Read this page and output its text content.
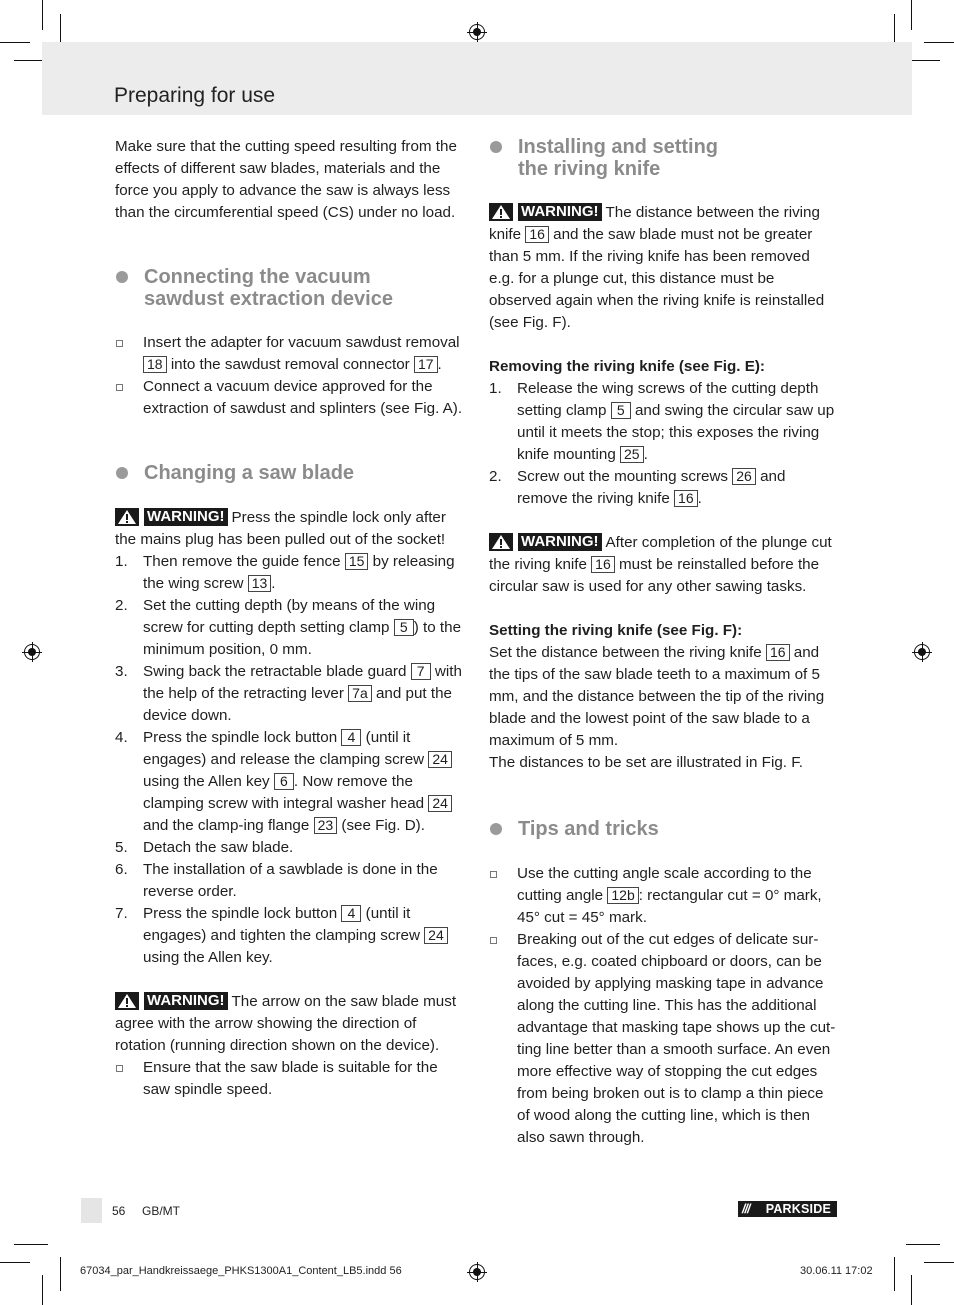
Preparing for use

Make sure that the cutting speed resulting from the effects of different saw blades, materials and the force you apply to advance the saw is always less than the circumferential speed (CS) under no load.

Connecting the vacuum
sawdust extraction device
Insert the adapter for vacuum sawdust removal 18 into the sawdust removal connector 17 .
Connect a vacuum device approved for the extraction of sawdust and splinters (see Fig. A).
Changing a saw blade

WARNING! Press the spindle lock only after the mains plug has been pulled out of the socket!

1. Then remove the guide fence 15 by releasing the wing screw 13 .
2. Set the cutting depth (by means of the wing screw for cutting depth setting clamp 5 ) to the minimum position, 0 mm.
3. Swing back the retractable blade guard 7 with the help of the retracting lever 7a and put the device down.
4. Press the spindle lock button 4 (until it engages) and release the clamping screw 24 using the Allen key 6 . Now remove the clamping screw with integral washer head 24 and the clamp-ing flange 23 (see Fig. D).
5. Detach the saw blade.
6. The installation of a sawblade is done in the reverse order.
7. Press the spindle lock button 4 (until it engages) and tighten the clamping screw 24 using the Allen key.

WARNING! The arrow on the saw blade must agree with the arrow showing the direction of rotation (running direction shown on the device).

Ensure that the saw blade is suitable for the saw spindle speed.
Installing and setting
the riving knife

WARNING! The distance between the riving knife 16 and the saw blade must not be greater than 5 mm. If the riving knife has been removed e.g. for a plunge cut, this distance must be observed again when the riving knife is reinstalled (see Fig. F).

Removing the riving knife (see Fig. E):

1. Release the wing screws of the cutting depth setting clamp 5 and swing the circular saw up until it meets the stop; this exposes the riving knife mounting 25 .
2. Screw out the mounting screws 26 and remove the riving knife 16 .

WARNING! After completion of the plunge cut the riving knife 16 must be reinstalled before the circular saw is used for any other sawing tasks.

Setting the riving knife (see Fig. F):

Set the distance between the riving knife 16 and the tips of the saw blade teeth to a maximum of 5 mm, and the distance between the tip of the riving blade and the lowest point of the saw blade to a maximum of 5 mm.

The distances to be set are illustrated in Fig. F.

Tips and tricks
Use the cutting angle scale according to the cutting angle 12b : rectangular cut = 0° mark, 45° cut = 45° mark.
Breaking out of the cut edges of delicate sur-faces, e.g. coated chipboard or doors, can be avoided by applying masking tape in advance along the cutting line. This has the additional advantage that masking tape shows up the cut-ting line better than a smooth surface. An even more effective way of stopping the cut edges from being broken out is to clamp a thin piece of wood along the cutting line, which is then also sawn through.
56 GB/MT	/// PARKSIDE
67034_par_Handkreissaege_PHKS1300A1_Content_LB5.indd 56	30.06.11 17:02
